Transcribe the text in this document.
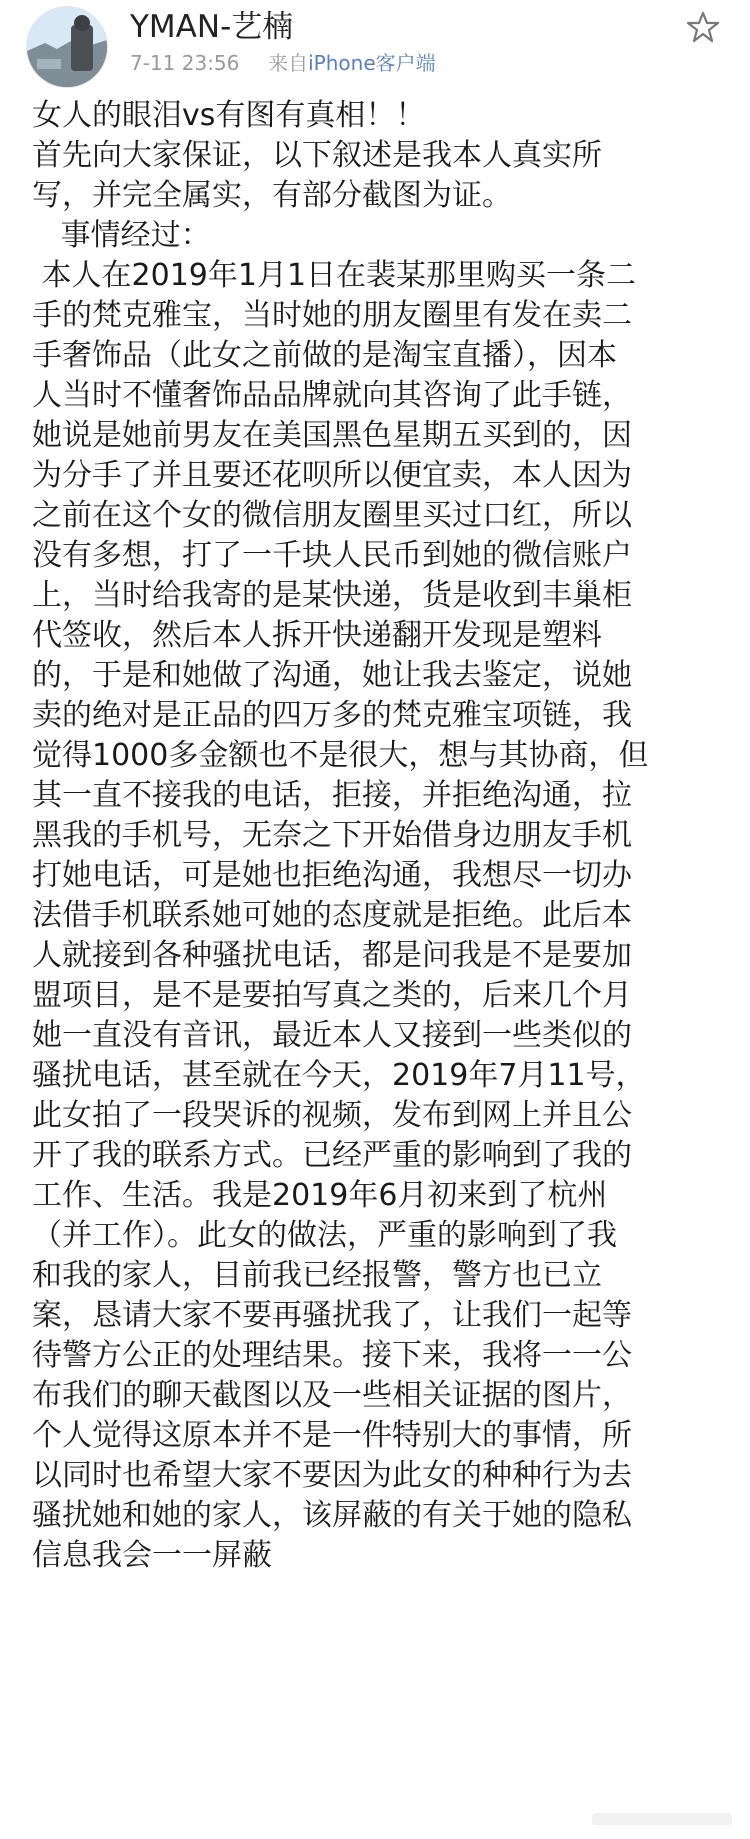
YMAN-艺楠
7-11 23:56 来自iPhone客户端
女人的眼泪vs有图有真相！！
首先向大家保证，以下叙述是我本人真实所
写，并完全属实，有部分截图为证。
事情经过：
本人在2019年1月1日在裴某那里购买一条二
手的梵克雅宝，当时她的朋友圈里有发在卖二
手奢饰品（此女之前做的是淘宝直播），因本
人当时不懂奢饰品品牌就向其咨询了此手链，
她说是她前男友在美国黑色星期五买到的，因
为分手了并且要还花呗所以便宜卖，本人因为
之前在这个女的微信朋友圈里买过口红，所以
没有多想，打了一千块人民币到她的微信账户
上，当时给我寄的是某快递，货是收到丰巢柜
代签收，然后本人拆开快递翻开发现是塑料
的，于是和她做了沟通，她让我去鉴定，说她
卖的绝对是正品的四万多的梵克雅宝项链，我
觉得1000多金额也不是很大，想与其协商，但
其一直不接我的电话，拒接，并拒绝沟通，拉
黑我的手机号，无奈之下开始借身边朋友手机
打她电话，可是她也拒绝沟通，我想尽一切办
法借手机联系她可她的态度就是拒绝。此后本
人就接到各种骚扰电话，都是问我是不是要加
盟项目，是不是要拍写真之类的，后来几个月
她一直没有音讯，最近本人又接到一些类似的
骚扰电话，甚至就在今天，2019年7月11号，
此女拍了一段哭诉的视频，发布到网上并且公
开了我的联系方式。已经严重的影响到了我的
工作、生活。我是2019年6月初来到了杭州
（并工作）。此女的做法，严重的影响到了我
和我的家人，目前我已经报警，警方也已立
案，恳请大家不要再骚扰我了，让我们一起等
待警方公正的处理结果。接下来，我将一一公
布我们的聊天截图以及一些相关证据的图片，
个人觉得这原本并不是一件特别大的事情，所
以同时也希望大家不要因为此女的种种行为去
骚扰她和她的家人，该屏蔽的有关于她的隐私
信息我会一一屏蔽
